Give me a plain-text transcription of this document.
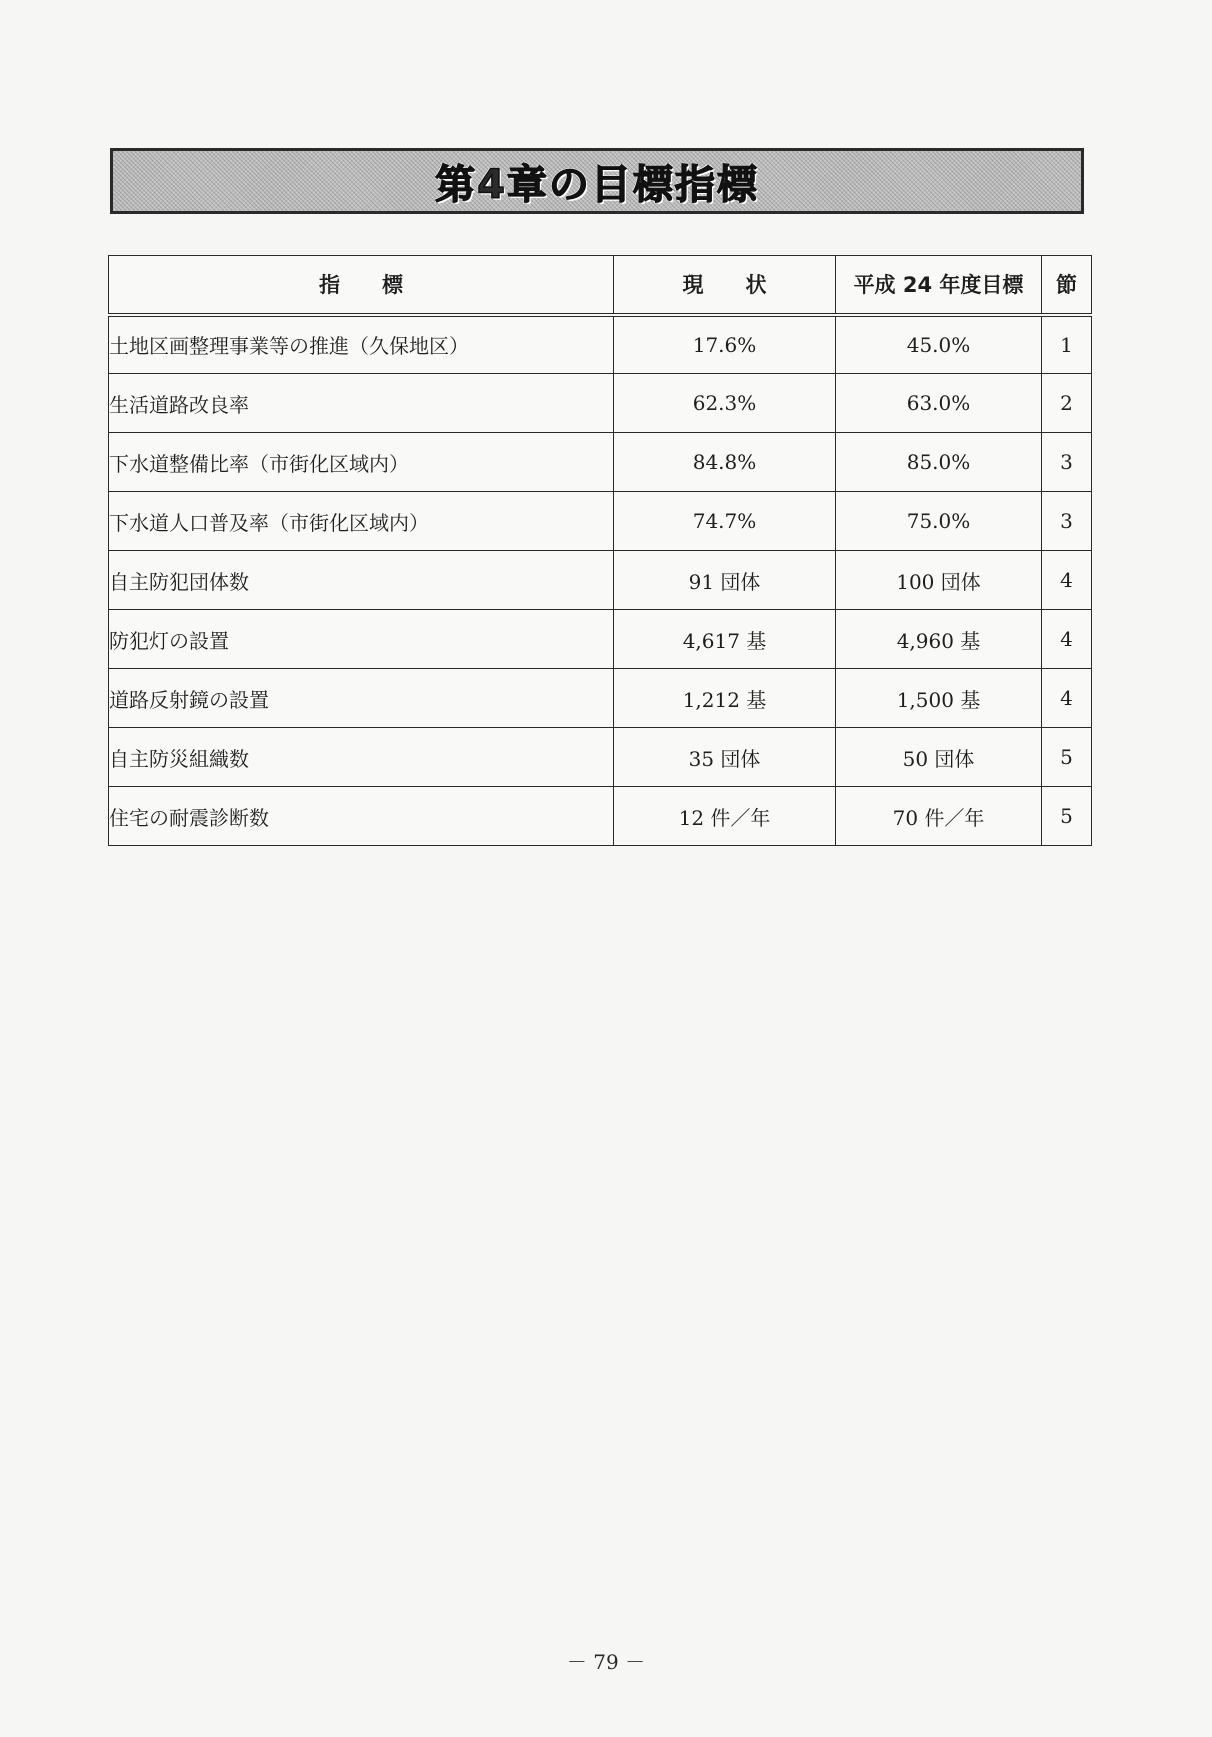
第4章の目標指標
指　　標	現　　状	平成 24 年度目標	節
土地区画整理事業等の推進（久保地区）	17.6%	45.0%	1
生活道路改良率	62.3%	63.0%	2
下水道整備比率（市街化区域内）	84.8%	85.0%	3
下水道人口普及率（市街化区域内）	74.7%	75.0%	3
自主防犯団体数	91 団体	100 団体	4
防犯灯の設置	4,617 基	4,960 基	4
道路反射鏡の設置	1,212 基	1,500 基	4
自主防災組織数	35 団体	50 団体	5
住宅の耐震診断数	12 件／年	70 件／年	5
－ 79 －
